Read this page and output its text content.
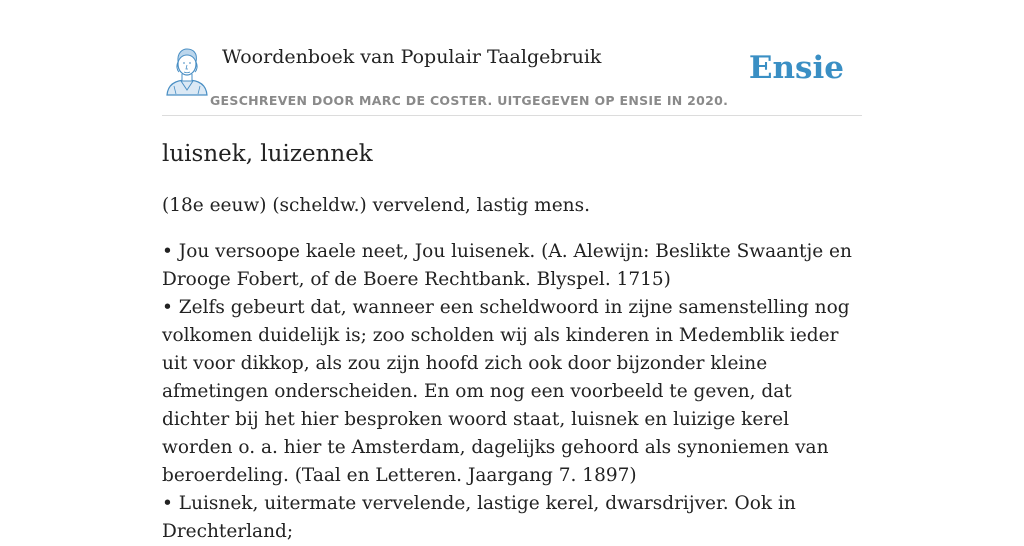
Woordenboek van Populair Taalgebruik
GESCHREVEN DOOR MARC DE COSTER. UITGEGEVEN OP ENSIE IN 2020.
Ensie
luisnek, luizennek

(18e eeuw) (scheldw.) vervelend, lastig mens.

• Jou versoope kaele neet, Jou luisenek. (A. Alewijn: Beslikte Swaantje en Drooge Fobert, of de Boere Rechtbank. Blyspel. 1715)

• Zelfs gebeurt dat, wanneer een scheldwoord in zijne samenstelling nog volkomen duidelijk is; zoo scholden wij als kinderen in Medemblik ieder uit voor dikkop, als zou zijn hoofd zich ook door bijzonder kleine afmetingen onderscheiden. En om nog een voorbeeld te geven, dat dichter bij het hier besproken woord staat, luisnek en luizige kerel worden o. a. hier te Amsterdam, dagelijks gehoord als synoniemen van beroerdeling. (Taal en Letteren. Jaargang 7. 1897)

• Luisnek, uitermate vervelende, lastige kerel, dwarsdrijver. Ook in Drechterland;
